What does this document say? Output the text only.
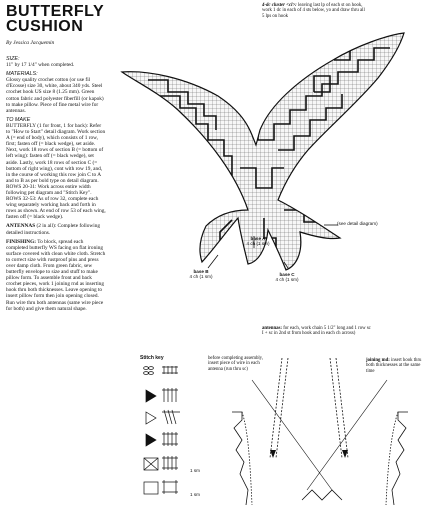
BUTTERFLY
CUSHION
By Jessica Jacquemin
SIZE:

11" by 17 1/4" when completed.

MATERIALS:

Glossy quality crochet cotton (or use fil d'Ecosse) size 30, white, about 340 yds. Steel crochet hook US size 8 (1.25 mm). Green cotton fabric and polyester fiberfill (or kapok) to make pillow. Piece of fine metal wire for antennas.

TO MAKE

BUTTERFLY (1 for front, 1 for back): Refer to "How to Start" detail diagram. Work section A (= end of body), which consists of 1 row, first; fasten off (= black wedge), set aside. Next, work 18 rows of section B (= bottom of left wing): fasten off (= black wedge), set aside. Lastly, work 18 rows of section C (= bottom of right wing), cont with row 19, and, in the course of working this row join C to A and to B as per bold type on detail diagram. ROWS 20-31: Work across entire width following pet diagram and "Stitch Key". ROWS 32-53: As of row 32, complete each wing separately working back and forth in rows as shown. At end of row 53 of each wing, fasten off (= black wedge).

ANTENNAS (2 in all): Complete following detailed instructions.

FINISHING: To block, spread each completed butterfly WS facing on flat ironing surface covered with clean white cloth. Stretch to correct size with rustproof pins and press over damp cloth. From green fabric, sew butterfly envelope to size and stuff to make pillow form. To assemble front and back crochet pieces, work 1 joining rnd as inserting hook thru both thicknesses. Leave opening to insert pillow form then join opening closed. Run wire thru both antennas (same wire piece for both) and give them natural shape.

4-dc cluster <cl>: leaving last lp of each st on hook, work 1 dc in each of 4 sts below, yo and draw thru all 5 lps on hook
(see detail diagram)
base A
4 ch (1 sm)
base B
4 ch (1 sm)	base C
4 ch (1 sm)
Stitch key
1 sm
1 sm
antennas: for each, work chain 5 1/2" long and 1 row sc I + sc in 2nd st from hook and in each ch across)
before completing assembly, insert piece of wire in each antenna (run thru sc)
joining md: insert hook thru both thicknesses at the same time
